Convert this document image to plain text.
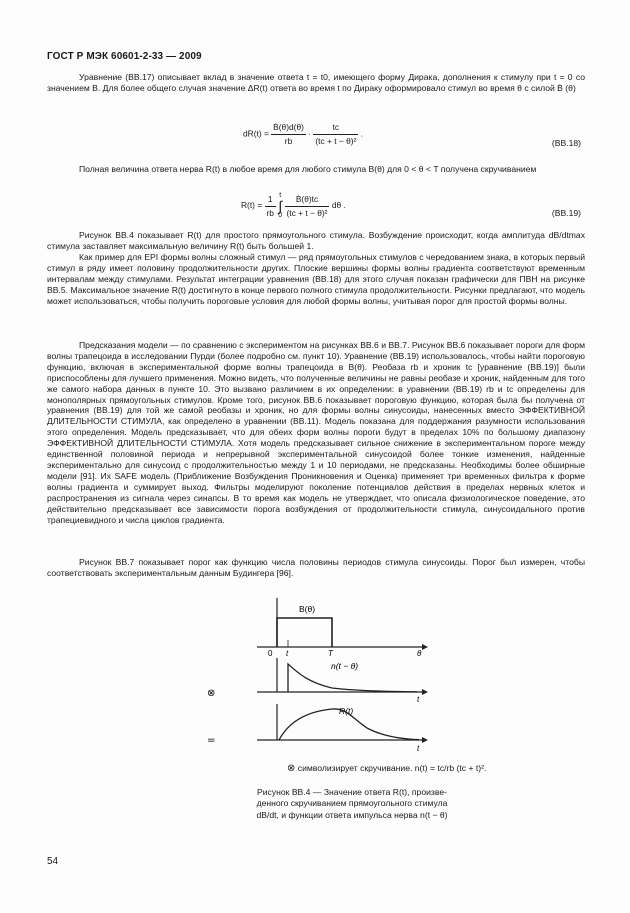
ГОСТ Р МЭК 60601-2-33 — 2009

Уравнение (ВВ.17) описывает вклад в значение ответа t = t0, имеющего форму Дирака, дополнения к стимулу при t = 0 со значением B. Для более общего случая значение ΔR(t) ответа во время t по Дираку оформировало стимул во время θ с силой Ḃ (θ)

$dR(t) = \frac{\text{Ḃ(θ)d(θ)}}{rb} \cdot \frac{tc}{\text{(tc + t − θ)²}}$ .
(ВВ.18)

Полная величина ответа нерва R(t) в любое время для любого стимула B(θ) для 0 < θ < T получена скручиванием

$R(t) = \frac{1}{rb}$
t
∫
0
$\frac{\text{Ḃ(θ)tc}}{\text{(tc + t − θ)²}}$ dθ .
(ВВ.19)

Рисунок ВВ.4 показывает R(t) для простого прямоугольного стимула. Возбуждение происходит, когда амплитуда dB/dtmax стимула заставляет максимальную величину R(t) быть большей 1.

Как пример для EPI формы волны сложный стимул — ряд прямоугольных стимулов с чередованием знака, в которых первый стимул в ряду имеет половину продолжительности других. Плоские вершины формы волны градиента соответствуют временным интервалам между стимулами. Результат интеграции уравнения (ВВ.18) для этого случая показан графически для ПВН на рисунке ВВ.5. Максимальное значение R(t) достигнуто в конце первого полного стимула продолжительности. Рисунки предлагают, что модель может использоваться, чтобы получить пороговые условия для любой формы волны, учитывая порог для простой формы волны.

Предсказания модели — по сравнению с экспериментом на рисунках ВВ.6 и ВВ.7. Рисунок ВВ.6 показывает пороги для форм волны трапецоида в исследовании Пурди (более подробно см. пункт 10). Уравнение (ВВ.19) использовалось, чтобы найти пороговую функцию, включая в экспериментальной форме волны трапецоида в B(θ). Реобаза rb и хроник tc [уравнение (ВВ.19)] были приспособлены для лучшего применения. Можно видеть, что полученные величины не равны реобазе и хроник, найденным для того же самого набора данных в пункте 10. Это вызвано различием в их определении: в уравнении (ВВ.19) rb и tc определены для монополярных прямоугольных стимулов. Кроме того, рисунок ВВ.6 показывает пороговую функцию, которая была бы получена от уравнения (ВВ.19) для той же самой реобазы и хроник, но для формы волны синусоиды, нанесенных вместо ЭФФЕКТИВНОЙ ДЛИТЕЛЬНОСТИ СТИМУЛА, как определено в уравнении (ВВ.11). Модель показана для поддержания разумности использования этого определения. Модель предсказывает, что для обеих форм волны пороги будут в пределах 10% по большому диапазону ЭФФЕКТИВНОЙ ДЛИТЕЛЬНОСТИ СТИМУЛА. Хотя модель предсказывает сильное снижение в экспериментальном пороге между единственной половиной периода и непрерывной экспериментальной синусоидой более тонкие изменения, найденные экспериментально для синусоид с продолжительностью между 1 и 10 периодами, не предсказаны. Необходимы более обширные модели [91]. Их SAFE модель (Приближение Возбуждения Проникновения и Оценка) применяет три временных фильтра к форме волны градиента и суммирует выход. Фильтры моделируют поколение потенциалов действия в пределах нервных клеток и распространения из сигнала через синапсы. В то время как модель не утверждает, что описала физиологическое поведение, это действительно предсказывает все зависимости порога возбуждения от продолжительности стимула, синусоидального против трапециевидного и числа циклов градиента.

Рисунок ВВ.7 показывает порог как функцию числа половины периодов стимула синусоиды. Порог был измерен, чтобы соответствовать экспериментальным данным Будингера [96].

B(θ)
0 t	T	θ
n(t − θ)
t
⊗
R(t)
t
=
⊗ символизирует скручивание. n(t) = tc/rb (tc + t)².
Рисунок ВВ.4 — Значение ответа R(t), произве-
денного скручиванием прямоугольного стимула
dB/dt, и функции ответа импульса нерва n(t − θ)
54
